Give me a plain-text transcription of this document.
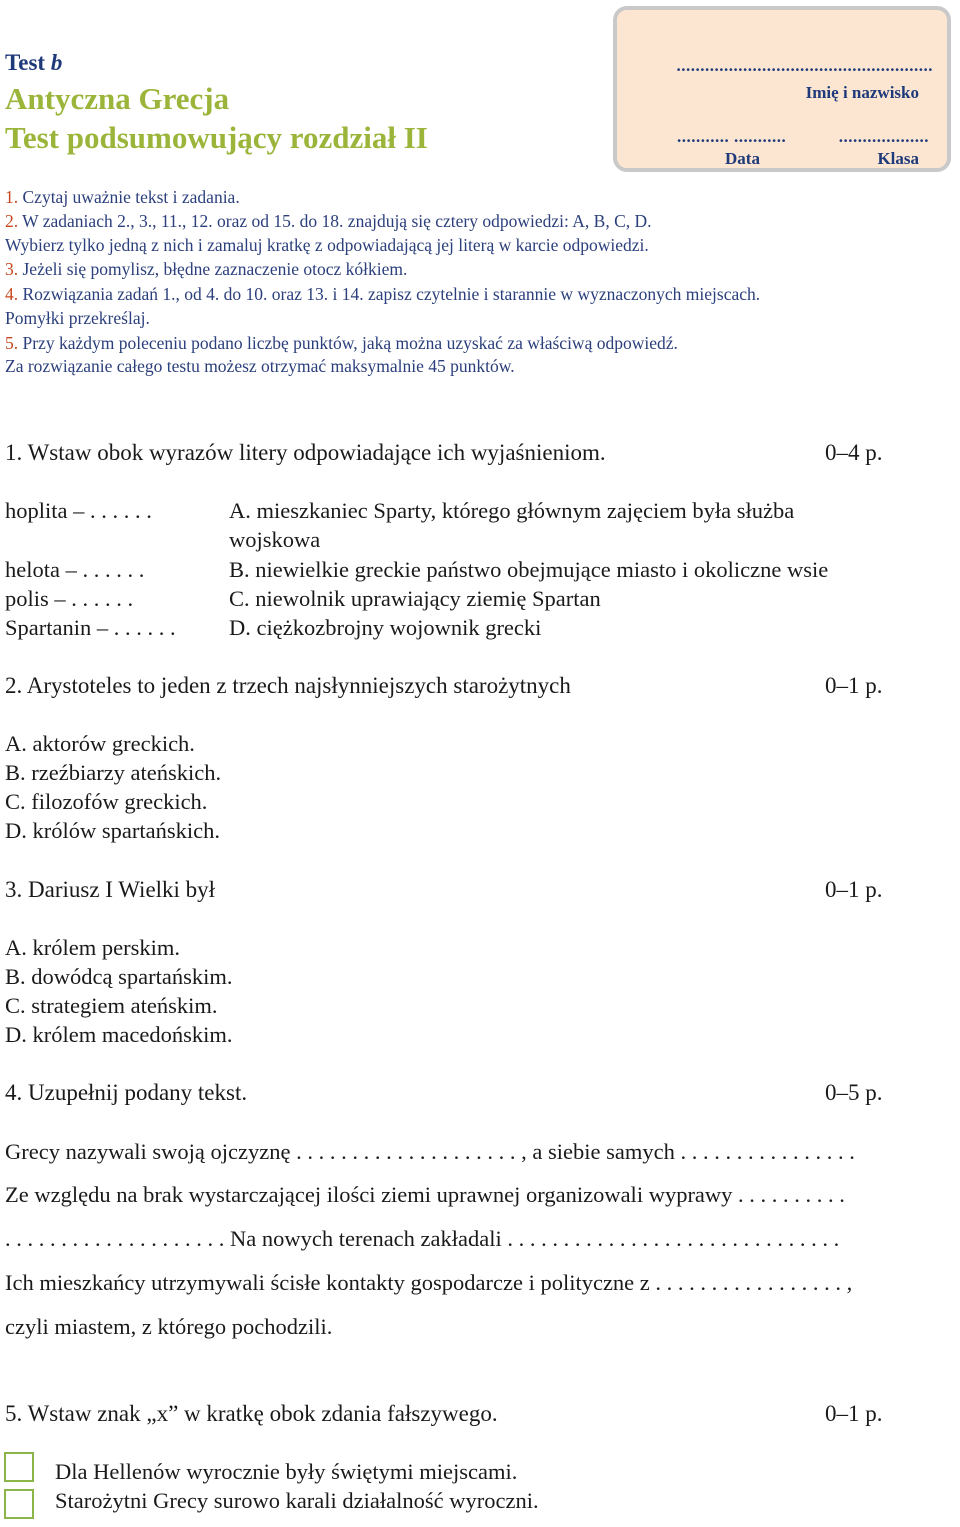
Test b
Antyczna Grecja
Test podsumowujący rozdział II
......................................................
Imię i nazwisko
........... ...........	...................
Data	Klasa
1. Czytaj uważnie tekst i zadania.
2. W zadaniach 2., 3., 11., 12. oraz od 15. do 18. znajdują się cztery odpowiedzi: A, B, C, D.
Wybierz tylko jedną z nich i zamaluj kratkę z odpowiadającą jej literą w karcie odpowiedzi.
3. Jeżeli się pomylisz, błędne zaznaczenie otocz kółkiem.
4. Rozwiązania zadań 1., od 4. do 10. oraz 13. i 14. zapisz czytelnie i starannie w wyznaczonych miejscach.
Pomyłki przekreślaj.
5. Przy każdym poleceniu podano liczbę punktów, jaką można uzyskać za właściwą odpowiedź.
Za rozwiązanie całego testu możesz otrzymać maksymalnie 45 punktów.
1. Wstaw obok wyrazów litery odpowiadające ich wyjaśnieniom.	0–4 p.
hoplita – . . . . . .	A. mieszkaniec Sparty, którego głównym zajęciem była służba
wojskowa
helota – . . . . . .	B. niewielkie greckie państwo obejmujące miasto i okoliczne wsie
polis – . . . . . .	C. niewolnik uprawiający ziemię Spartan
Spartanin – . . . . . . D. ciężkozbrojny wojownik grecki
2. Arystoteles to jeden z trzech najsłynniejszych starożytnych	0–1 p.
A. aktorów greckich.
B. rzeźbiarzy ateńskich.
C. filozofów greckich.
D. królów spartańskich.
3. Dariusz I Wielki był	0–1 p.
A. królem perskim.
B. dowódcą spartańskim.
C. strategiem ateńskim.
D. królem macedońskim.
4. Uzupełnij podany tekst.	0–5 p.
Grecy nazywali swoją ojczyznę . . . . . . . . . . . . . . . . . . . . , a siebie samych . . . . . . . . . . . . . . . .
Ze względu na brak wystarczającej ilości ziemi uprawnej organizowali wyprawy . . . . . . . . . .
. . . . . . . . . . . . . . . . . . . . Na nowych terenach zakładali . . . . . . . . . . . . . . . . . . . . . . . . . . . . . .
Ich mieszkańcy utrzymywali ścisłe kontakty gospodarcze i polityczne z . . . . . . . . . . . . . . . . . ,
czyli miastem, z którego pochodzili.
5. Wstaw znak „x” w kratkę obok zdania fałszywego.	0–1 p.
Dla Hellenów wyrocznie były świętymi miejscami.
Starożytni Grecy surowo karali działalność wyroczni.
